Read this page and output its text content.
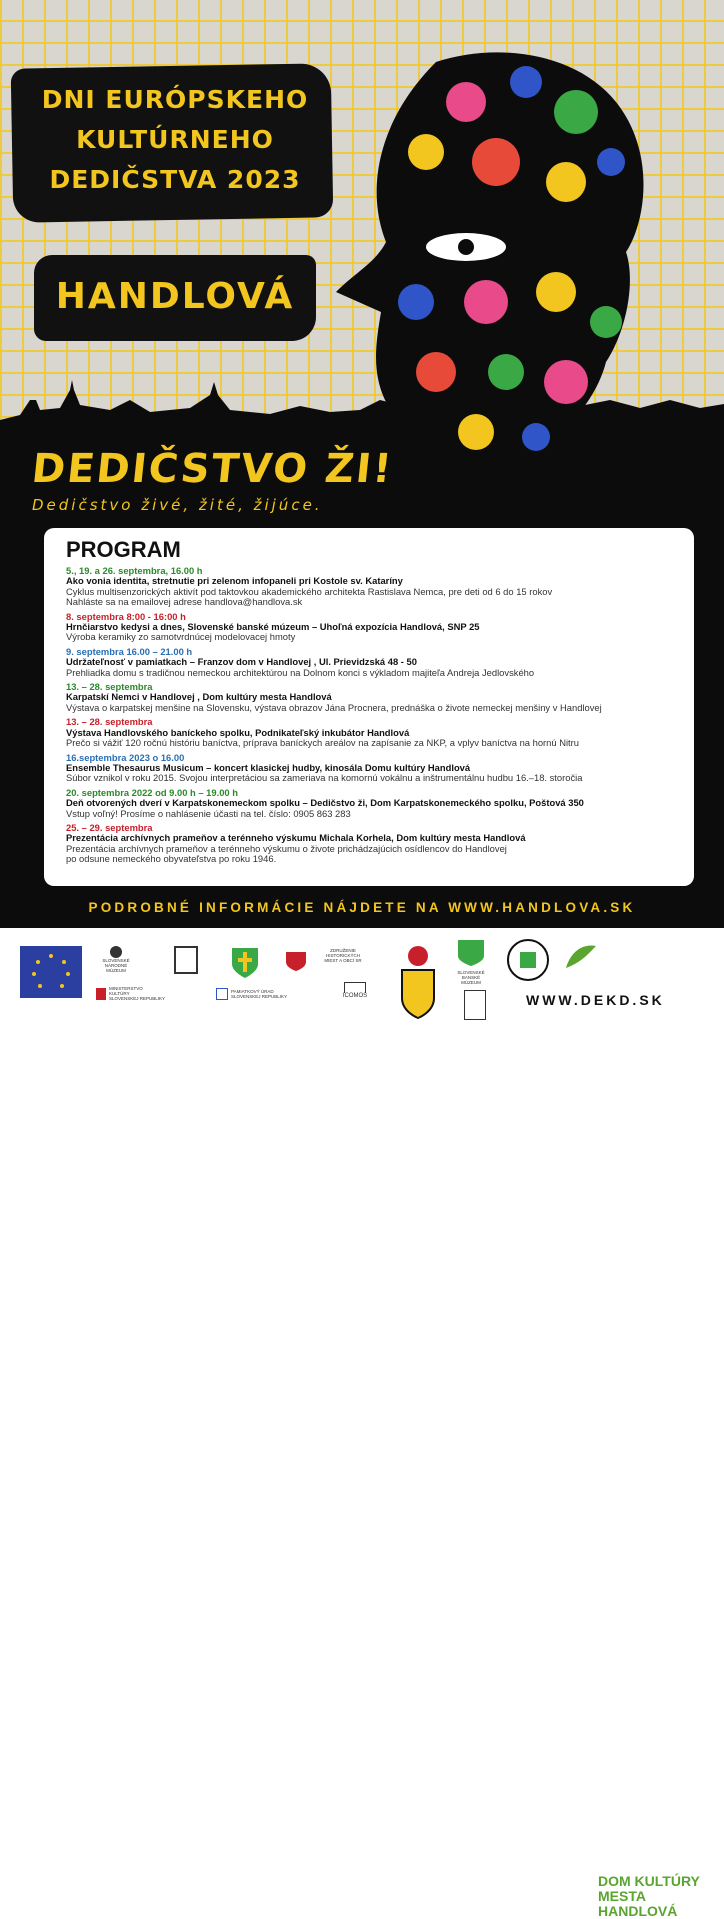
DNI EURÓPSKEHO
KULTÚRNEHO
DEDIČSTVA 2023
HANDLOVÁ
DEDIČSTVO ŽI!
Dedičstvo živé, žité, žijúce.
PROGRAM
5., 19. a 26. septembra, 16.00 h
Ako vonia identita, stretnutie pri zelenom infopaneli pri Kostole sv. Kataríny
Cyklus multisenzorických aktivít pod taktovkou akademického architekta Rastislava Nemca, pre deti od 6 do 15 rokov
Nahláste sa na emailovej adrese handlova@handlova.sk
8. septembra 8:00 - 16:00 h
Hrnčiarstvo kedysi a dnes, Slovenské banské múzeum – Uhoľná expozícia Handlová, SNP 25
Výroba keramiky zo samotvrdnúcej modelovacej hmoty
9. septembra 16.00 – 21.00 h
Udržateľnosť v pamiatkach – Franzov dom v Handlovej , Ul. Prievidzská 48 - 50
Prehliadka domu s tradičnou nemeckou architektúrou na Dolnom konci s výkladom majiteľa Andreja Jedlovského
13. – 28. septembra
Karpatskí Nemci v Handlovej , Dom kultúry mesta Handlová
Výstava o karpatskej menšine na Slovensku, výstava obrazov Jána Procnera, prednáška o živote nemeckej menšiny v Handlovej
13. – 28. septembra
Výstava Handlovského baníckeho spolku, Podnikateľský inkubátor Handlová
Prečo si vážiť 120 ročnú históriu baníctva, príprava baníckych areálov na zapísanie za NKP, a vplyv baníctva na hornú Nitru
16.septembra 2023 o 16.00
Ensemble Thesaurus Musicum – koncert klasickej hudby, kinosála Domu kultúry Handlová
Súbor vznikol v roku 2015. Svojou interpretáciou sa zameriava na komornú vokálnu a inštrumentálnu hudbu 16.–18. storočia
20. septembra 2022 od 9.00 h – 19.00 h
Deň otvorených dverí v Karpatskonemeckom spolku – Dedičstvo ži, Dom Karpatskonemeckého spolku, Poštová 350
Vstup voľný! Prosíme o nahlásenie účasti na tel. číslo: 0905 863 283
25. – 29. septembra
Prezentácia archívnych prameňov a terénneho výskumu Michala Korhela, Dom kultúry mesta Handlová
Prezentácia archívnych prameňov a terénneho výskumu o živote prichádzajúcich osídlencov do Handlovej
po odsune nemeckého obyvateľstva po roku 1946.
PODROBNÉ INFORMÁCIE NÁJDETE NA WWW.HANDLOVA.SK
SLOVENSKÉ
NÁRODNÉ
MÚZEUM
MINISTERSTVO
KULTÚRY
SLOVENSKEJ REPUBLIKY
PAMIATKOVÝ ÚRAD
SLOVENSKEJ REPUBLIKY
ZDRUŽENIE HISTORICKÝCH
MIEST A OBCÍ SR
ICOMOS
SLOVENSKÉ
BANSKÉ
MÚZEUM
DOM KULTÚRY
MESTA HANDLOVÁ
WWW.DEKD.SK
